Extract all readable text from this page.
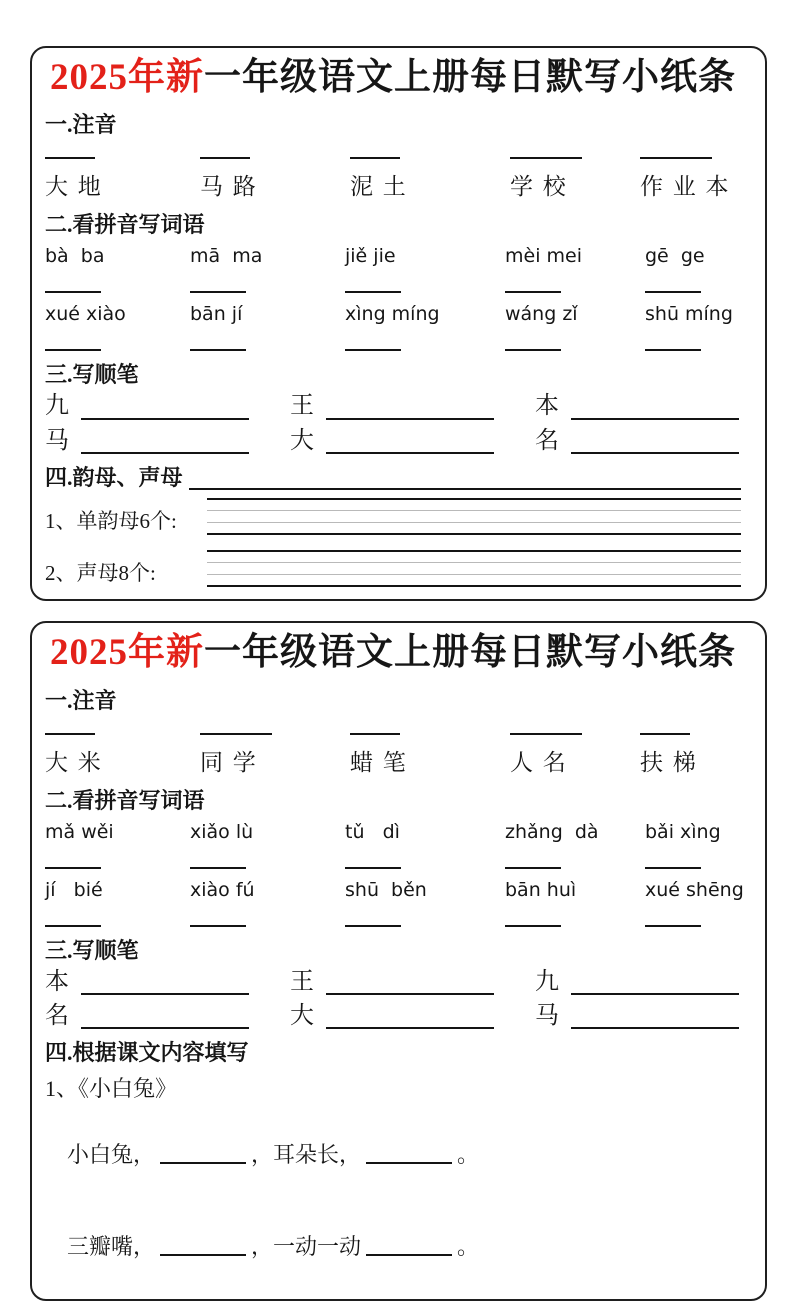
2025年新一年级语文上册每日默写小纸条
一.注音
大 地	马 路	泥 土	学 校	作 业 本
二.看拼音写词语
bà  ba	mā  ma	jiě jie	mèi mei	gē  ge
xué xiào	bān jí	xìng míng	wáng zǐ	shū míng
三.写顺笔
九	王	本
马	大	名
四.韵母、声母
1、单韵母6个:
2、声母8个:
2025年新一年级语文上册每日默写小纸条
一.注音
大 米	同 学	蜡 笔	人 名	扶 梯
二.看拼音写词语
mǎ wěi	xiǎo lù	tǔ   dì	zhǎng  dà	bǎi xìng
jí   bié	xiào fú	shū  běn	bān huì	xué shēng
三.写顺笔
本	王	九
名	大	马
四.根据课文内容填写
1、《小白兔》

小白兔，	，耳朵长，	。

三瓣嘴，	，一动一动	。
